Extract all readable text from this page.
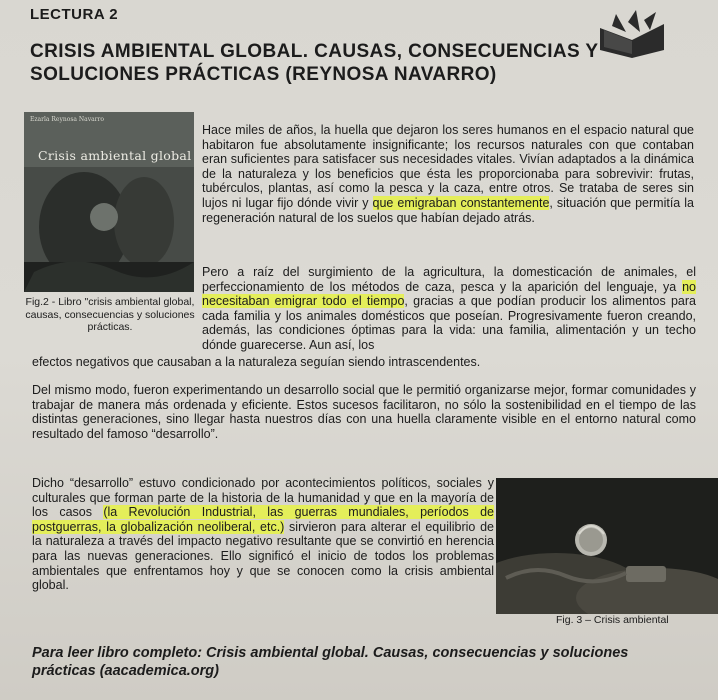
LECTURA 2
CRISIS AMBIENTAL GLOBAL. CAUSAS, CONSECUENCIAS Y SOLUCIONES PRÁCTICAS (REYNOSA NAVARRO)
Ezarla Reynosa Navarro
Crisis ambiental global
Fig.2 - Libro "crisis ambiental global, causas, consecuencias y soluciones prácticas.
Hace miles de años, la huella que dejaron los seres humanos en el espacio natural que habitaron fue absolutamente insignificante; los recursos naturales con que contaban eran suficientes para satisfacer sus necesidades vitales. Vivían adaptados a la dinámica de la naturaleza y los beneficios que ésta les proporcionaba para sobrevivir: frutas, tubérculos, plantas, así como la pesca y la caza, entre otros. Se trataba de seres sin lujos ni lugar fijo dónde vivir y que emigraban constantemente, situación que permitía la regeneración natural de los suelos que habían dejado atrás.
Pero a raíz del surgimiento de la agricultura, la domesticación de animales, el perfeccionamiento de los métodos de caza, pesca y la aparición del lenguaje, ya no necesitaban emigrar todo el tiempo, gracias a que podían producir los alimentos para cada familia y los animales domésticos que poseían. Progresivamente fueron creando, además, las condiciones óptimas para la vida: una familia, alimentación y un techo dónde guarecerse. Aun así, los
efectos negativos que causaban a la naturaleza seguían siendo intrascendentes.
Del mismo modo, fueron experimentando un desarrollo social que le permitió organizarse mejor, formar comunidades y trabajar de manera más ordenada y eficiente. Estos sucesos facilitaron, no sólo la sostenibilidad en el tiempo de las distintas generaciones, sino llegar hasta nuestros días con una huella claramente visible en el entorno natural como resultado del famoso “desarrollo”.
Dicho “desarrollo” estuvo condicionado por acontecimientos políticos, sociales y culturales que forman parte de la historia de la humanidad y que en la mayoría de los casos (la Revolución Industrial, las guerras mundiales, períodos de postguerras, la globalización neoliberal, etc.) sirvieron para alterar el equilibrio de la naturaleza a través del impacto negativo resultante que se convirtió en herencia para las nuevas generaciones. Ello significó el inicio de todos los problemas ambientales que enfrentamos hoy y que se conocen como la crisis ambiental global.
Fig. 3 – Crisis ambiental
Para leer libro completo: Crisis ambiental global. Causas, consecuencias y soluciones
prácticas (aacademica.org)
